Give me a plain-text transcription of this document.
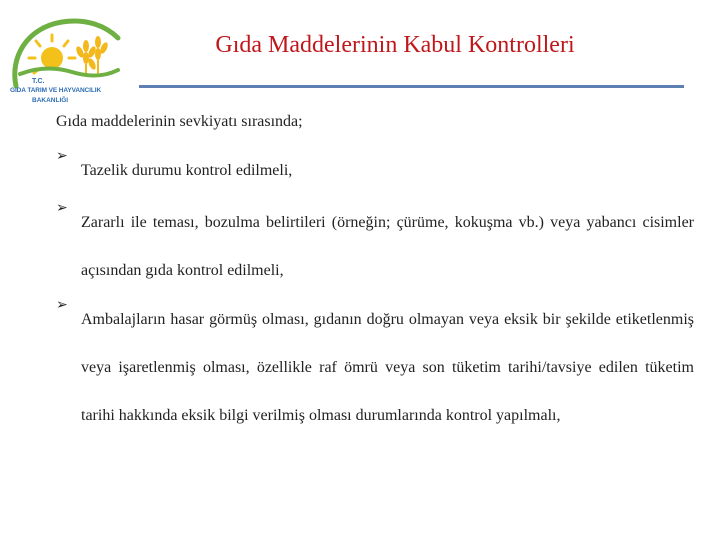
T.C.
GIDA TARIM VE HAYVANCILIK
BAKANLIĞI
Gıda Maddelerinin Kabul Kontrolleri
Gıda maddelerinin sevkiyatı sırasında;
➢
Tazelik durumu kontrol edilmeli,
➢
Zararlı ile teması, bozulma belirtileri (örneğin; çürüme, kokuşma vb.) veya yabancı cisimler açısından gıda kontrol edilmeli,
➢
Ambalajların hasar görmüş olması, gıdanın doğru olmayan veya eksik bir şekilde etiketlenmiş veya işaretlenmiş olması, özellikle raf ömrü veya son tüketim tarihi/tavsiye edilen tüketim tarihi hakkında eksik bilgi verilmiş olması durumlarında kontrol yapılmalı,
